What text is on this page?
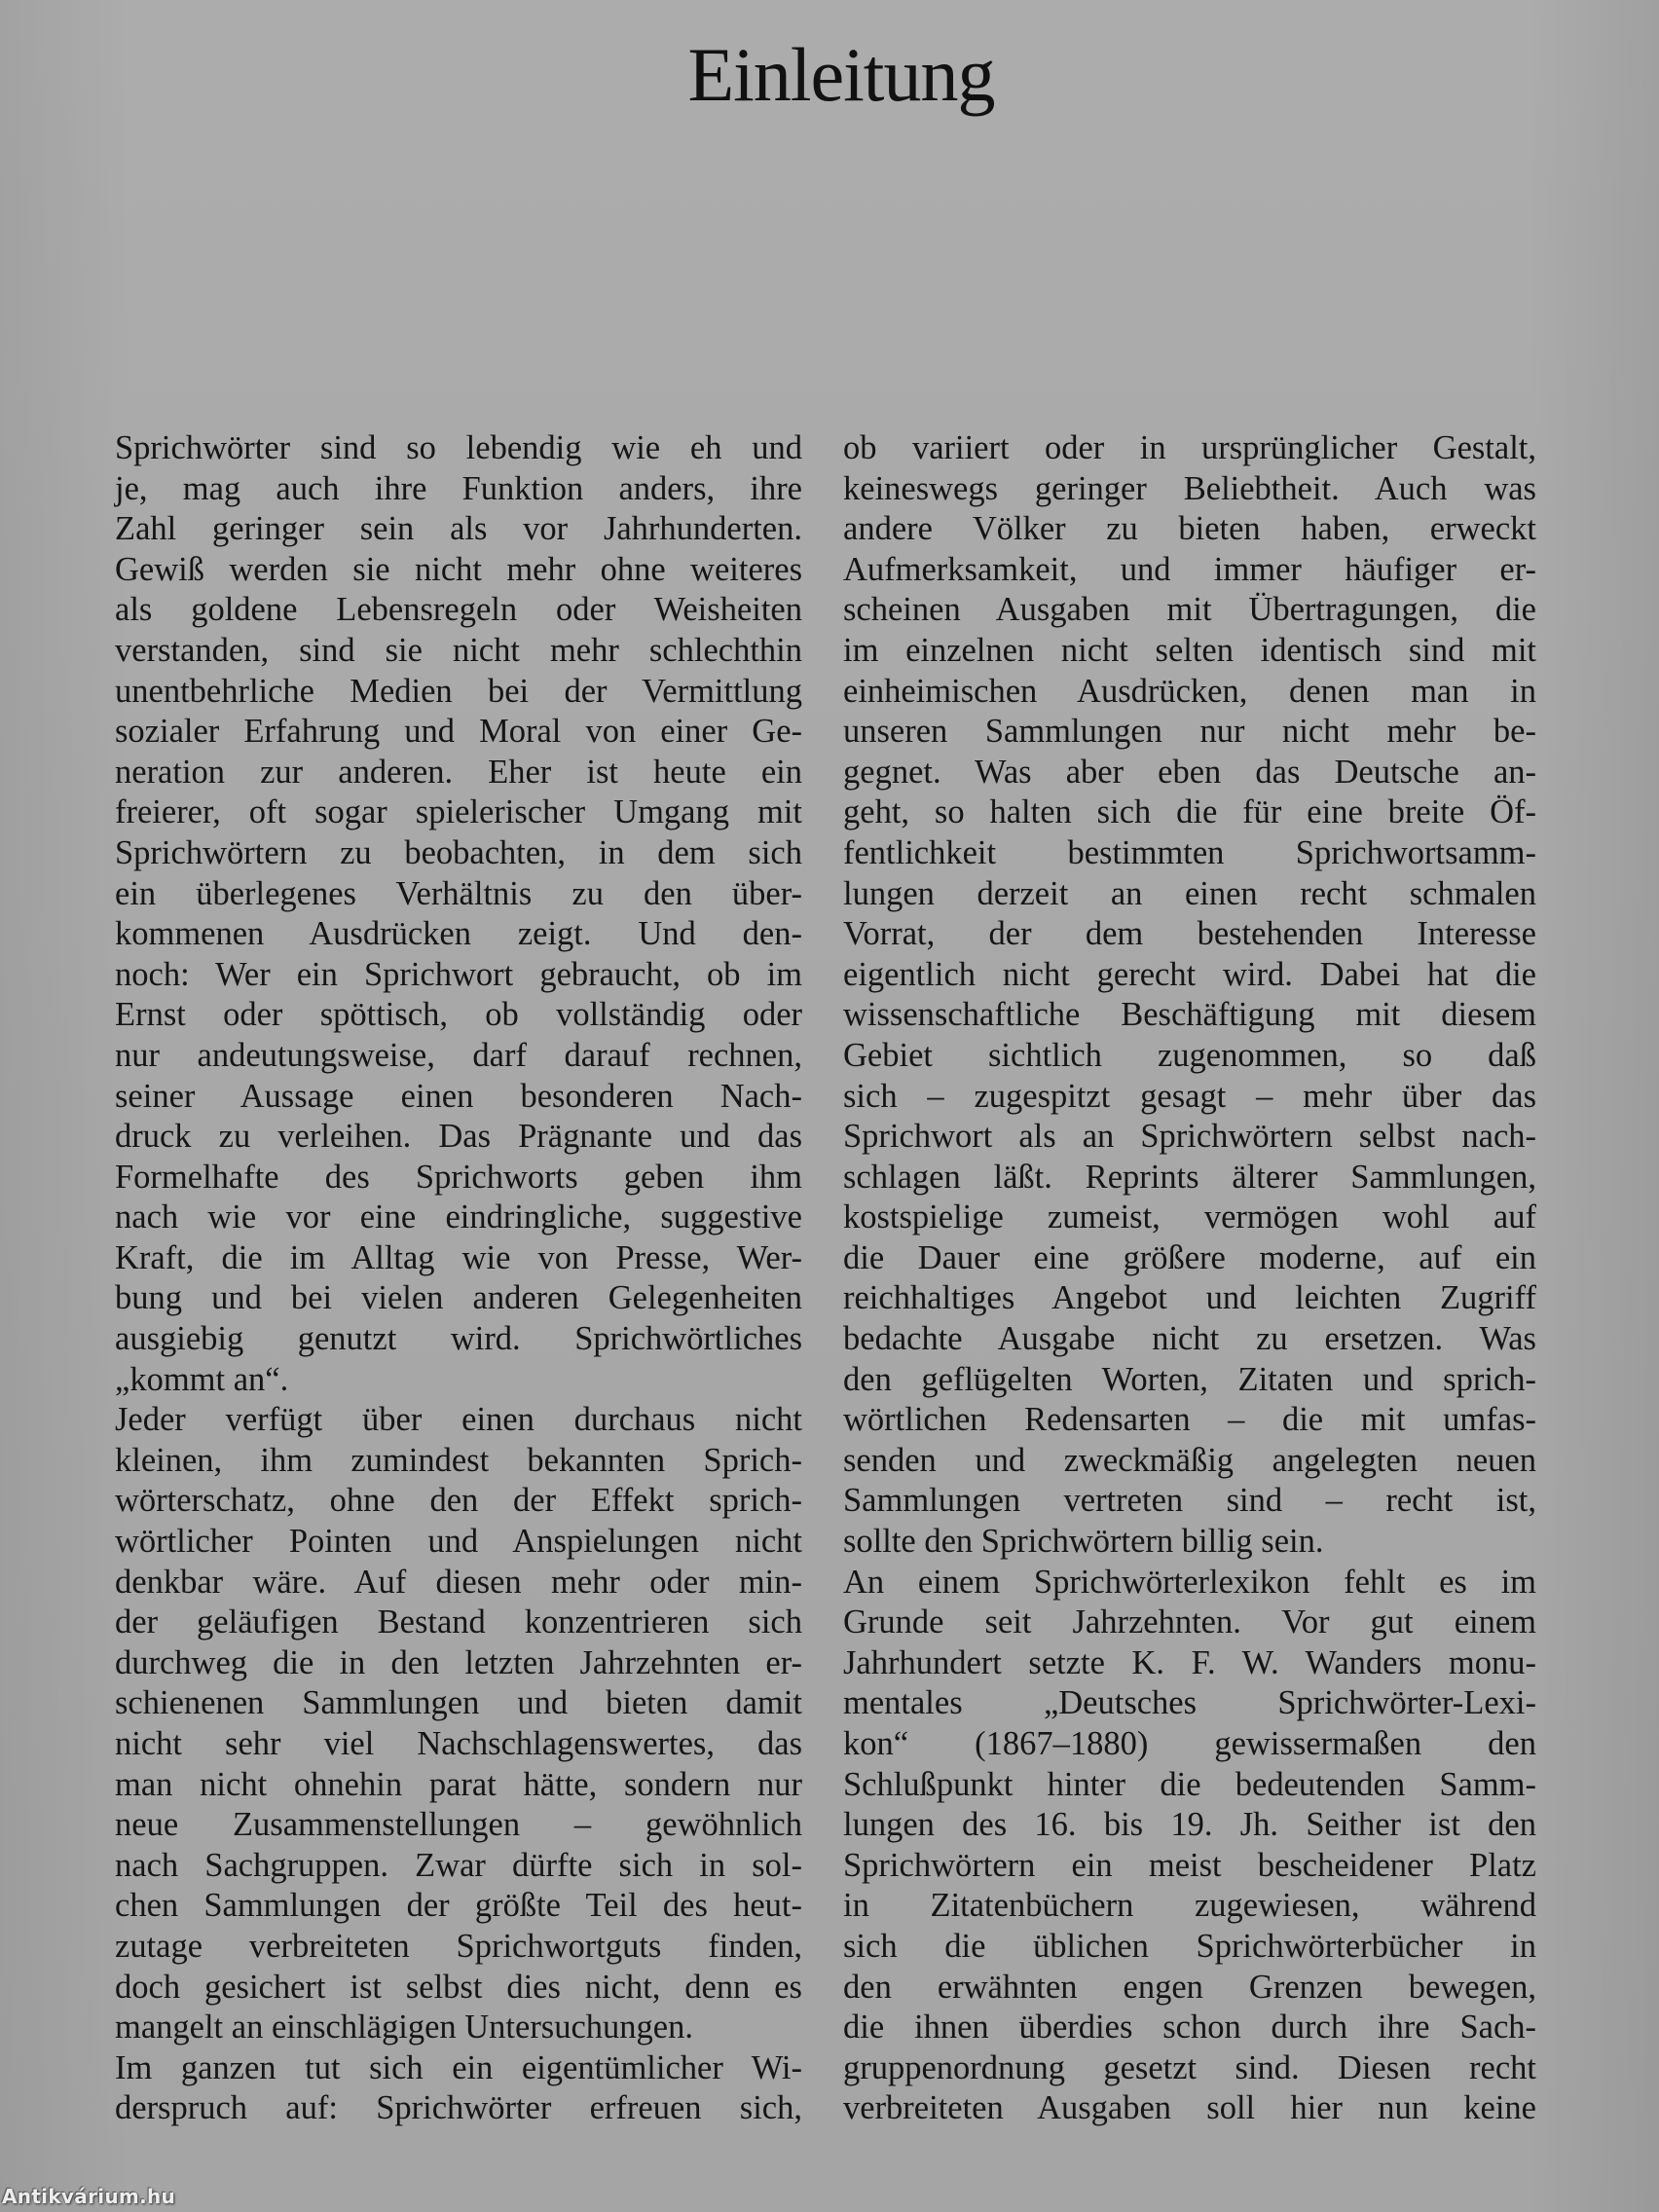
Einleitung
Sprichwörter sind so lebendig wie eh und
je, mag auch ihre Funktion anders, ihre
Zahl geringer sein als vor Jahrhunderten.
Gewiß werden sie nicht mehr ohne weiteres
als goldene Lebensregeln oder Weisheiten
verstanden, sind sie nicht mehr schlechthin
unentbehrliche Medien bei der Vermittlung
sozialer Erfahrung und Moral von einer Ge-
neration zur anderen. Eher ist heute ein
freierer, oft sogar spielerischer Umgang mit
Sprichwörtern zu beobachten, in dem sich
ein überlegenes Verhältnis zu den über-
kommenen Ausdrücken zeigt. Und den-
noch: Wer ein Sprichwort gebraucht, ob im
Ernst oder spöttisch, ob vollständig oder
nur andeutungsweise, darf darauf rechnen,
seiner Aussage einen besonderen Nach-
druck zu verleihen. Das Prägnante und das
Formelhafte des Sprichworts geben ihm
nach wie vor eine eindringliche, suggestive
Kraft, die im Alltag wie von Presse, Wer-
bung und bei vielen anderen Gelegenheiten
ausgiebig genutzt wird. Sprichwörtliches
„kommt an“.
Jeder verfügt über einen durchaus nicht
kleinen, ihm zumindest bekannten Sprich-
wörterschatz, ohne den der Effekt sprich-
wörtlicher Pointen und Anspielungen nicht
denkbar wäre. Auf diesen mehr oder min-
der geläufigen Bestand konzentrieren sich
durchweg die in den letzten Jahrzehnten er-
schienenen Sammlungen und bieten damit
nicht sehr viel Nachschlagenswertes, das
man nicht ohnehin parat hätte, sondern nur
neue Zusammenstellungen – gewöhnlich
nach Sachgruppen. Zwar dürfte sich in sol-
chen Sammlungen der größte Teil des heut-
zutage verbreiteten Sprichwortguts finden,
doch gesichert ist selbst dies nicht, denn es
mangelt an einschlägigen Untersuchungen.
Im ganzen tut sich ein eigentümlicher Wi-
derspruch auf: Sprichwörter erfreuen sich,
ob variiert oder in ursprünglicher Gestalt,
keineswegs geringer Beliebtheit. Auch was
andere Völker zu bieten haben, erweckt
Aufmerksamkeit, und immer häufiger er-
scheinen Ausgaben mit Übertragungen, die
im einzelnen nicht selten identisch sind mit
einheimischen Ausdrücken, denen man in
unseren Sammlungen nur nicht mehr be-
gegnet. Was aber eben das Deutsche an-
geht, so halten sich die für eine breite Öf-
fentlichkeit bestimmten Sprichwortsamm-
lungen derzeit an einen recht schmalen
Vorrat, der dem bestehenden Interesse
eigentlich nicht gerecht wird. Dabei hat die
wissenschaftliche Beschäftigung mit diesem
Gebiet sichtlich zugenommen, so daß
sich – zugespitzt gesagt – mehr über das
Sprichwort als an Sprichwörtern selbst nach-
schlagen läßt. Reprints älterer Sammlungen,
kostspielige zumeist, vermögen wohl auf
die Dauer eine größere moderne, auf ein
reichhaltiges Angebot und leichten Zugriff
bedachte Ausgabe nicht zu ersetzen. Was
den geflügelten Worten, Zitaten und sprich-
wörtlichen Redensarten – die mit umfas-
senden und zweckmäßig angelegten neuen
Sammlungen vertreten sind – recht ist,
sollte den Sprichwörtern billig sein.
An einem Sprichwörterlexikon fehlt es im
Grunde seit Jahrzehnten. Vor gut einem
Jahrhundert setzte K. F. W. Wanders monu-
mentales „Deutsches Sprichwörter-Lexi-
kon“ (1867–1880) gewissermaßen den
Schlußpunkt hinter die bedeutenden Samm-
lungen des 16. bis 19. Jh. Seither ist den
Sprichwörtern ein meist bescheidener Platz
in Zitatenbüchern zugewiesen, während
sich die üblichen Sprichwörterbücher in
den erwähnten engen Grenzen bewegen,
die ihnen überdies schon durch ihre Sach-
gruppenordnung gesetzt sind. Diesen recht
verbreiteten Ausgaben soll hier nun keine
Antikvárium.hu
